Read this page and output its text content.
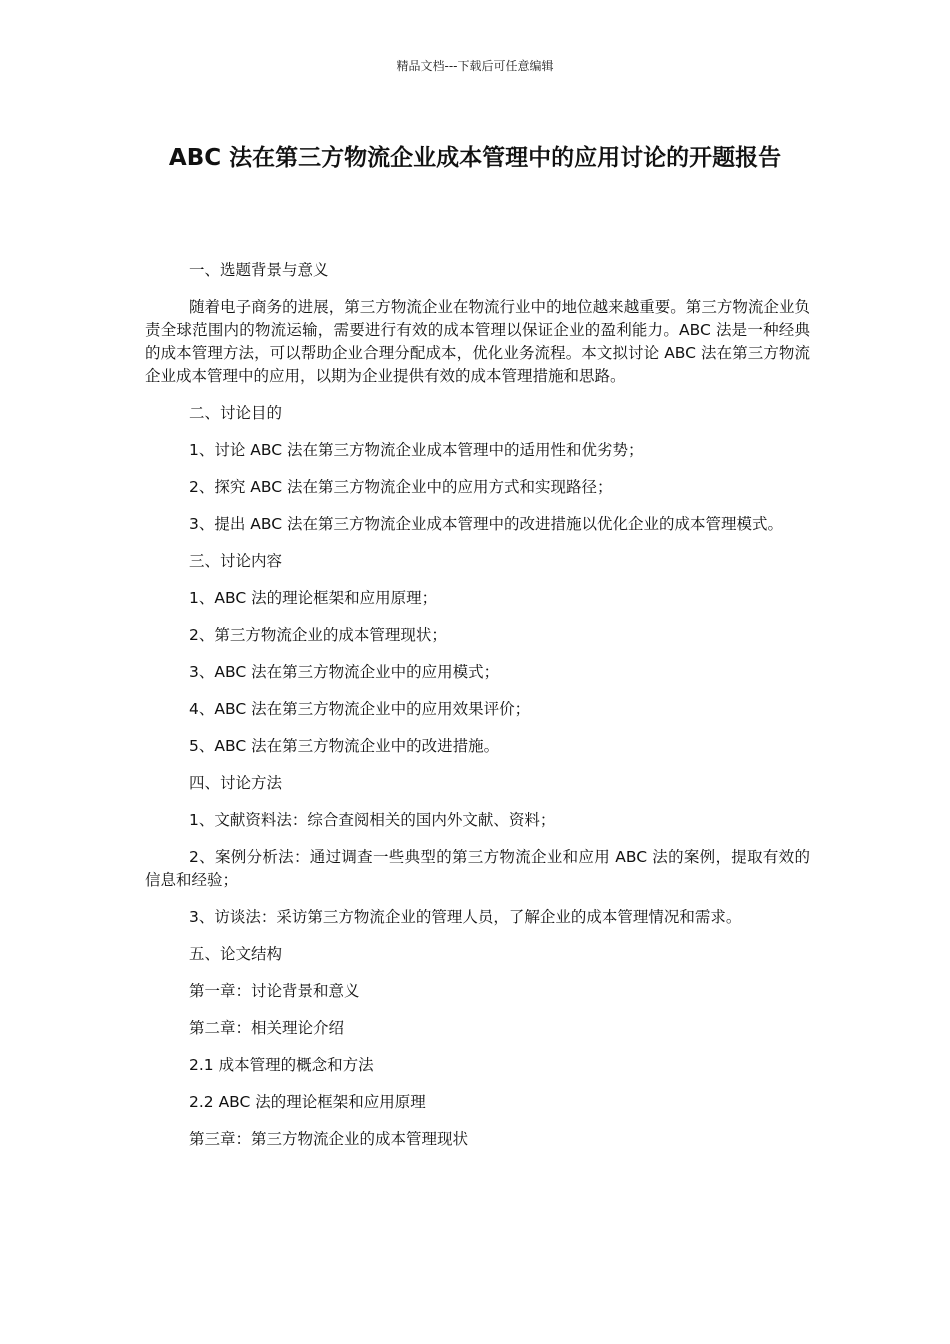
精品文档---下载后可任意编辑
ABC 法在第三方物流企业成本管理中的应用讨论的开题报告

一、选题背景与意义

随着电子商务的进展，第三方物流企业在物流行业中的地位越来越重要。第三方物流企业负责全球范围内的物流运输，需要进行有效的成本管理以保证企业的盈利能力。ABC 法是一种经典的成本管理方法，可以帮助企业合理分配成本，优化业务流程。本文拟讨论 ABC 法在第三方物流企业成本管理中的应用，以期为企业提供有效的成本管理措施和思路。

二、讨论目的

1、讨论 ABC 法在第三方物流企业成本管理中的适用性和优劣势；

2、探究 ABC 法在第三方物流企业中的应用方式和实现路径；

3、提出 ABC 法在第三方物流企业成本管理中的改进措施以优化企业的成本管理模式。

三、讨论内容

1、ABC 法的理论框架和应用原理；

2、第三方物流企业的成本管理现状；

3、ABC 法在第三方物流企业中的应用模式；

4、ABC 法在第三方物流企业中的应用效果评价；

5、ABC 法在第三方物流企业中的改进措施。

四、讨论方法

1、文献资料法：综合查阅相关的国内外文献、资料；

2、案例分析法：通过调查一些典型的第三方物流企业和应用 ABC 法的案例，提取有效的信息和经验；

3、访谈法：采访第三方物流企业的管理人员，了解企业的成本管理情况和需求。

五、论文结构

第一章：讨论背景和意义

第二章：相关理论介绍

2.1 成本管理的概念和方法

2.2 ABC 法的理论框架和应用原理

第三章：第三方物流企业的成本管理现状
